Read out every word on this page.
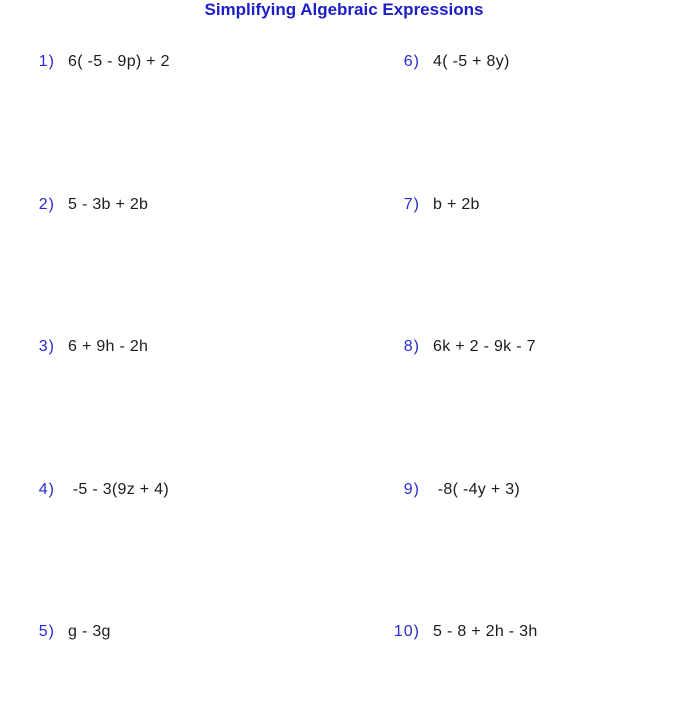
Simplifying Algebraic Expressions
1) 6( -5 - 9p) + 2
2) 5 - 3b + 2b
3) 6 + 9h - 2h
4) -5 - 3(9z + 4)
5) g - 3g
6) 4( -5 + 8y)
7) b + 2b
8) 6k + 2 - 9k - 7
9) -8( -4y + 3)
10) 5 - 8 + 2h - 3h
